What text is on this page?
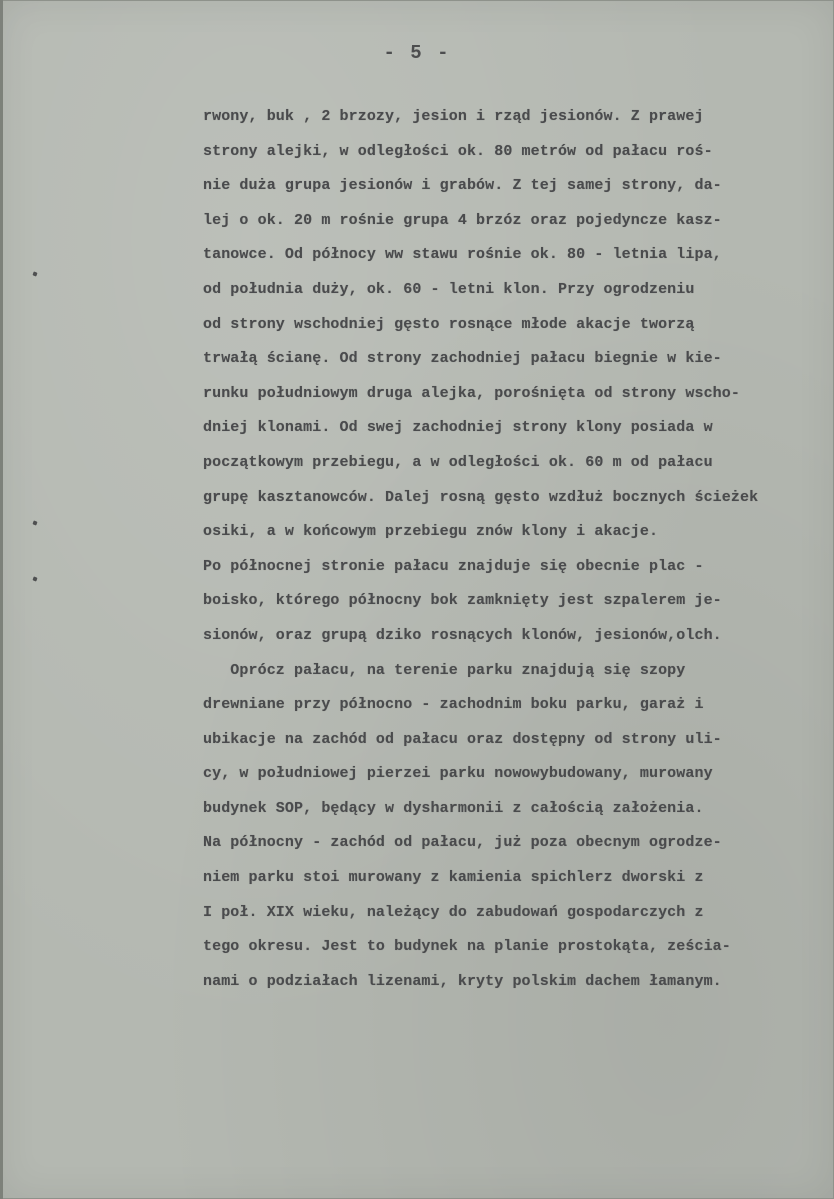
- 5 -
rwony, buk , 2 brzozy, jesion i rząd jesionów. Z prawej
strony alejki, w odległości ok. 80 metrów od pałacu roś-
nie duża grupa jesionów i grabów. Z tej samej strony, da-
lej o ok. 20 m rośnie grupa 4 brzóz oraz pojedyncze kasz-
tanowce. Od północy ww stawu rośnie ok. 80 - letnia lipa,
od południa duży, ok. 60 - letni klon. Przy ogrodzeniu
od strony wschodniej gęsto rosnące młode akacje tworzą
trwałą ścianę. Od strony zachodniej pałacu biegnie w kie-
runku południowym druga alejka, porośnięta od strony wscho-
dniej klonami. Od swej zachodniej strony klony posiada w
początkowym przebiegu, a w odległości ok. 60 m od pałacu
grupę kasztanowców. Dalej rosną gęsto wzdłuż bocznych ścieżek
osiki, a w końcowym przebiegu znów klony i akacje.
Po północnej stronie pałacu znajduje się obecnie plac -
boisko, którego północny bok zamknięty jest szpalerem je-
sionów, oraz grupą dziko rosnących klonów, jesionów,olch.
Oprócz pałacu, na terenie parku znajdują się szopy
drewniane przy północno - zachodnim boku parku, garaż i
ubikacje na zachód od pałacu oraz dostępny od strony uli-
cy, w południowej pierzei parku nowowybudowany, murowany
budynek SOP, będący w dysharmonii z całością założenia.
Na północny - zachód od pałacu, już poza obecnym ogrodze-
niem parku stoi murowany z kamienia spichlerz dworski z
I poł. XIX wieku, należący do zabudowań gospodarczych z
tego okresu. Jest to budynek na planie prostokąta, ześcia-
nami o podziałach lizenami, kryty polskim dachem łamanym.
